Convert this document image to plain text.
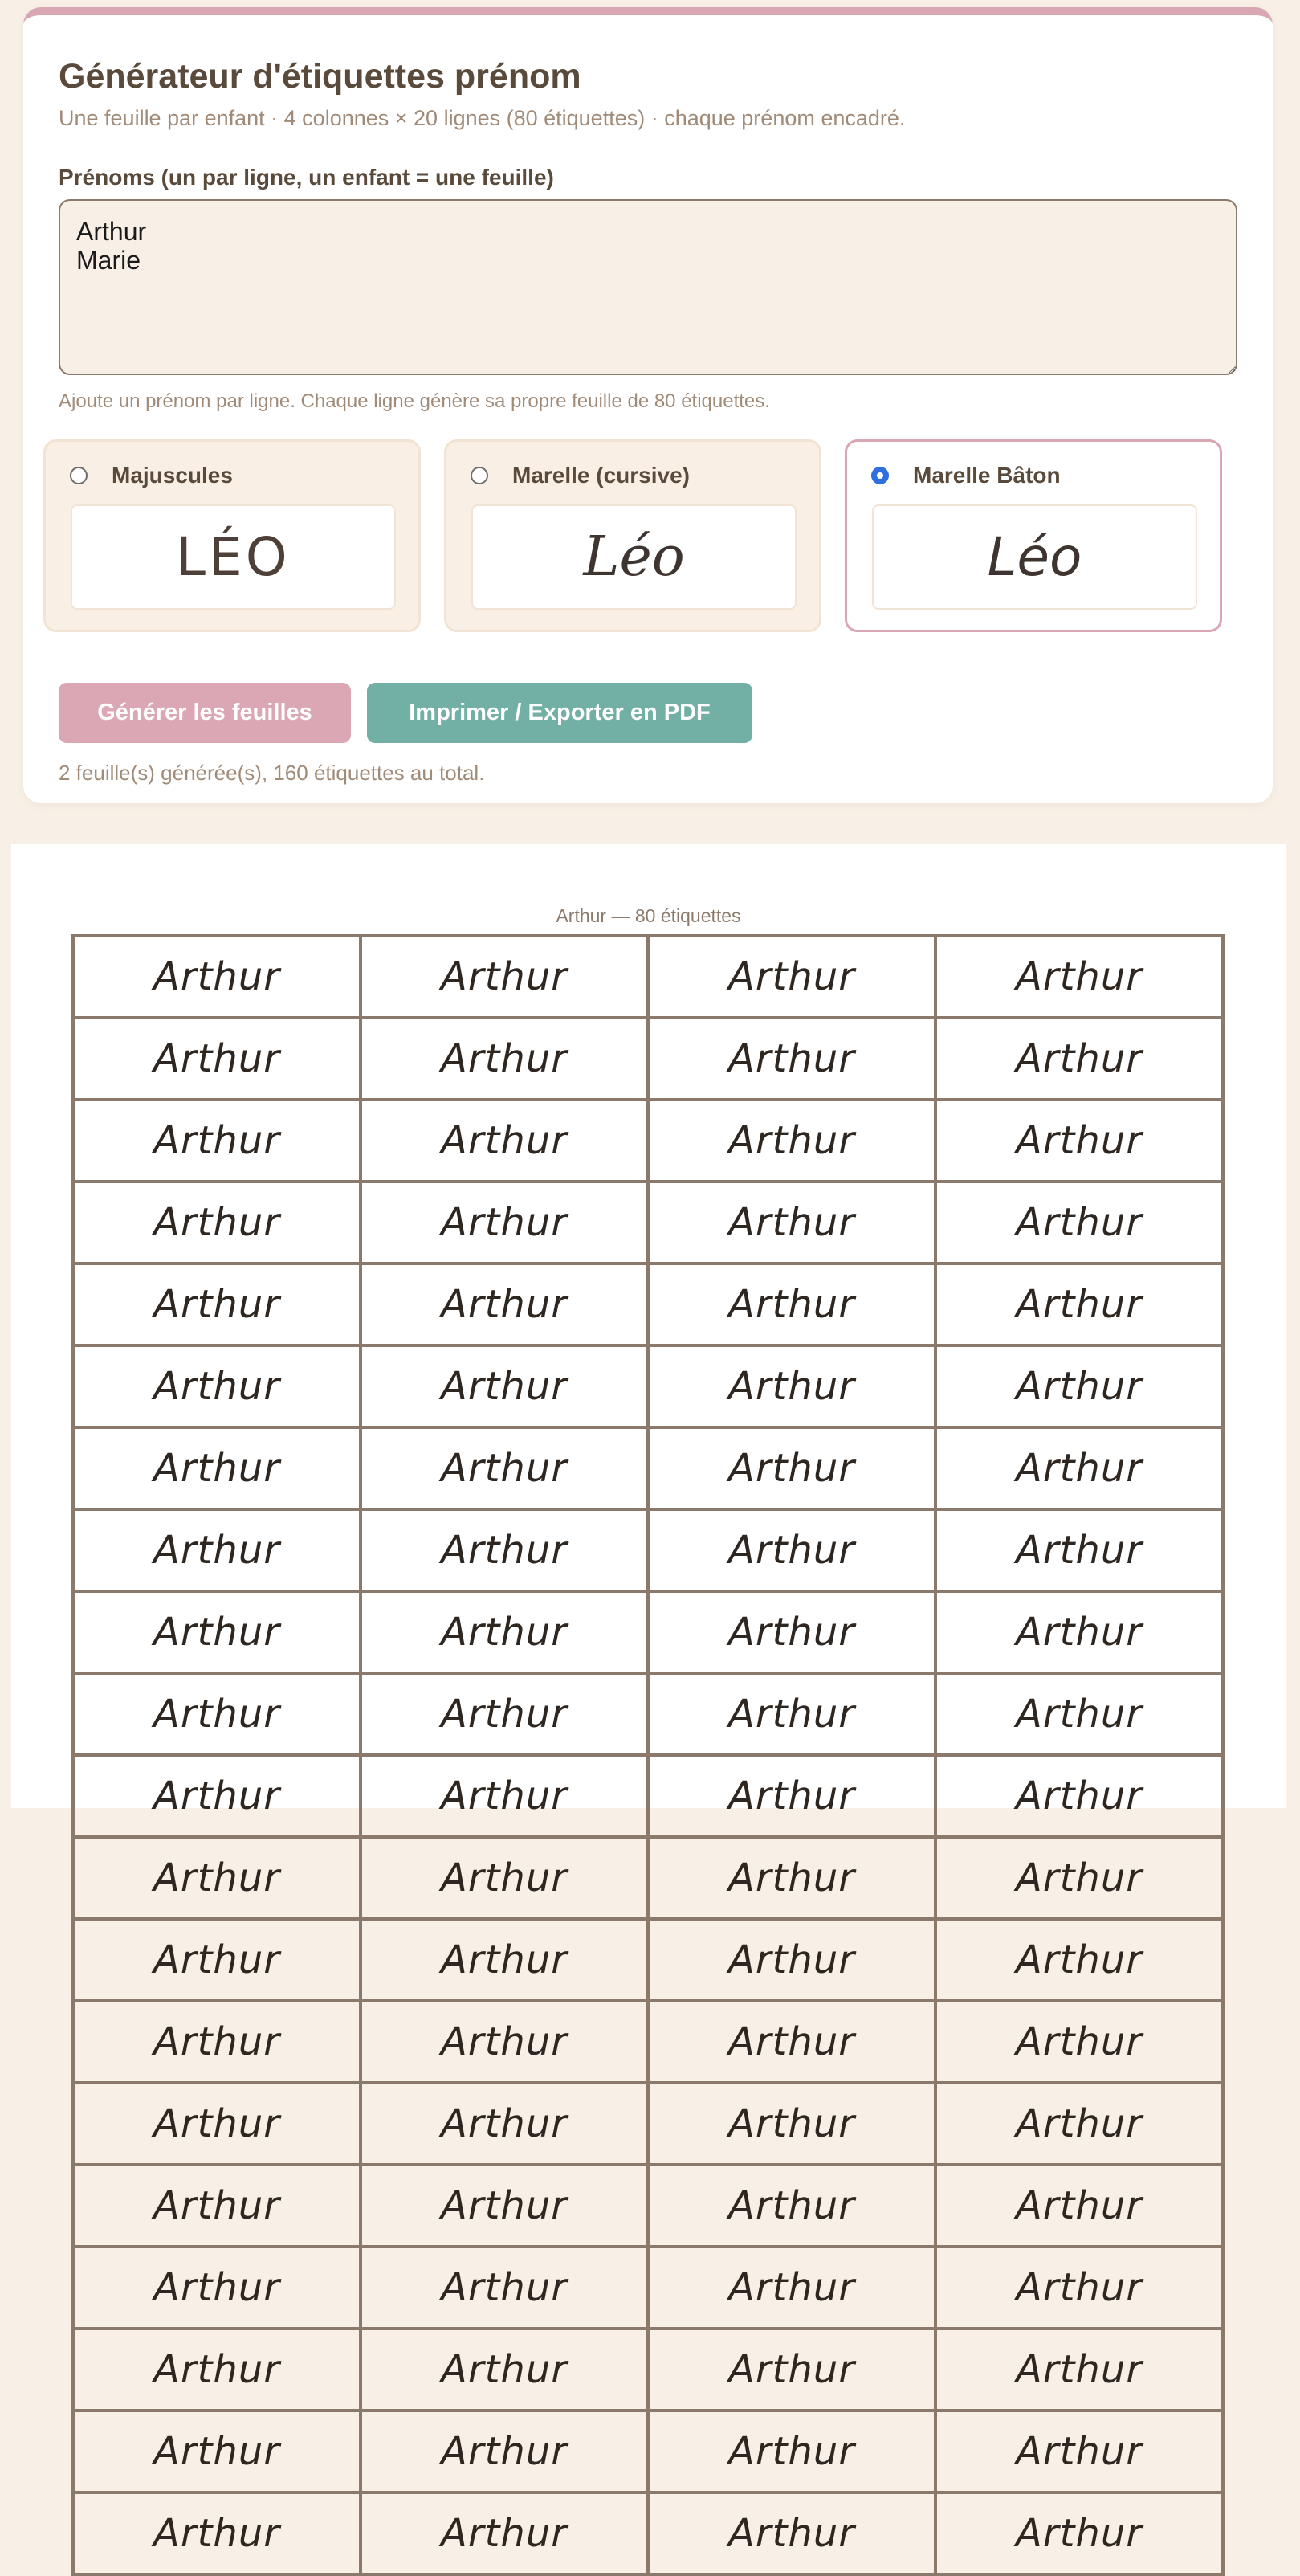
Générateur d'étiquettes prénom

Une feuille par enfant · 4 colonnes × 20 lignes (80 étiquettes) · chaque prénom encadré.

Prénoms (un par ligne, un enfant = une feuille)
Arthur Marie
Ajoute un prénom par ligne. Chaque ligne génère sa propre feuille de 80 étiquettes.
Majuscules
LÉO
Marelle (cursive)
Léo
Marelle Bâton
Léo
Générer les feuilles	Imprimer / Exporter en PDF
2 feuille(s) générée(s), 160 étiquettes au total.
Arthur — 80 étiquettes
Arthur	Arthur	Arthur	Arthur
Arthur	Arthur	Arthur	Arthur
Arthur	Arthur	Arthur	Arthur
Arthur	Arthur	Arthur	Arthur
Arthur	Arthur	Arthur	Arthur
Arthur	Arthur	Arthur	Arthur
Arthur	Arthur	Arthur	Arthur
Arthur	Arthur	Arthur	Arthur
Arthur	Arthur	Arthur	Arthur
Arthur	Arthur	Arthur	Arthur
Arthur	Arthur	Arthur	Arthur
Arthur	Arthur	Arthur	Arthur
Arthur	Arthur	Arthur	Arthur
Arthur	Arthur	Arthur	Arthur
Arthur	Arthur	Arthur	Arthur
Arthur	Arthur	Arthur	Arthur
Arthur	Arthur	Arthur	Arthur
Arthur	Arthur	Arthur	Arthur
Arthur	Arthur	Arthur	Arthur
Arthur	Arthur	Arthur	Arthur
